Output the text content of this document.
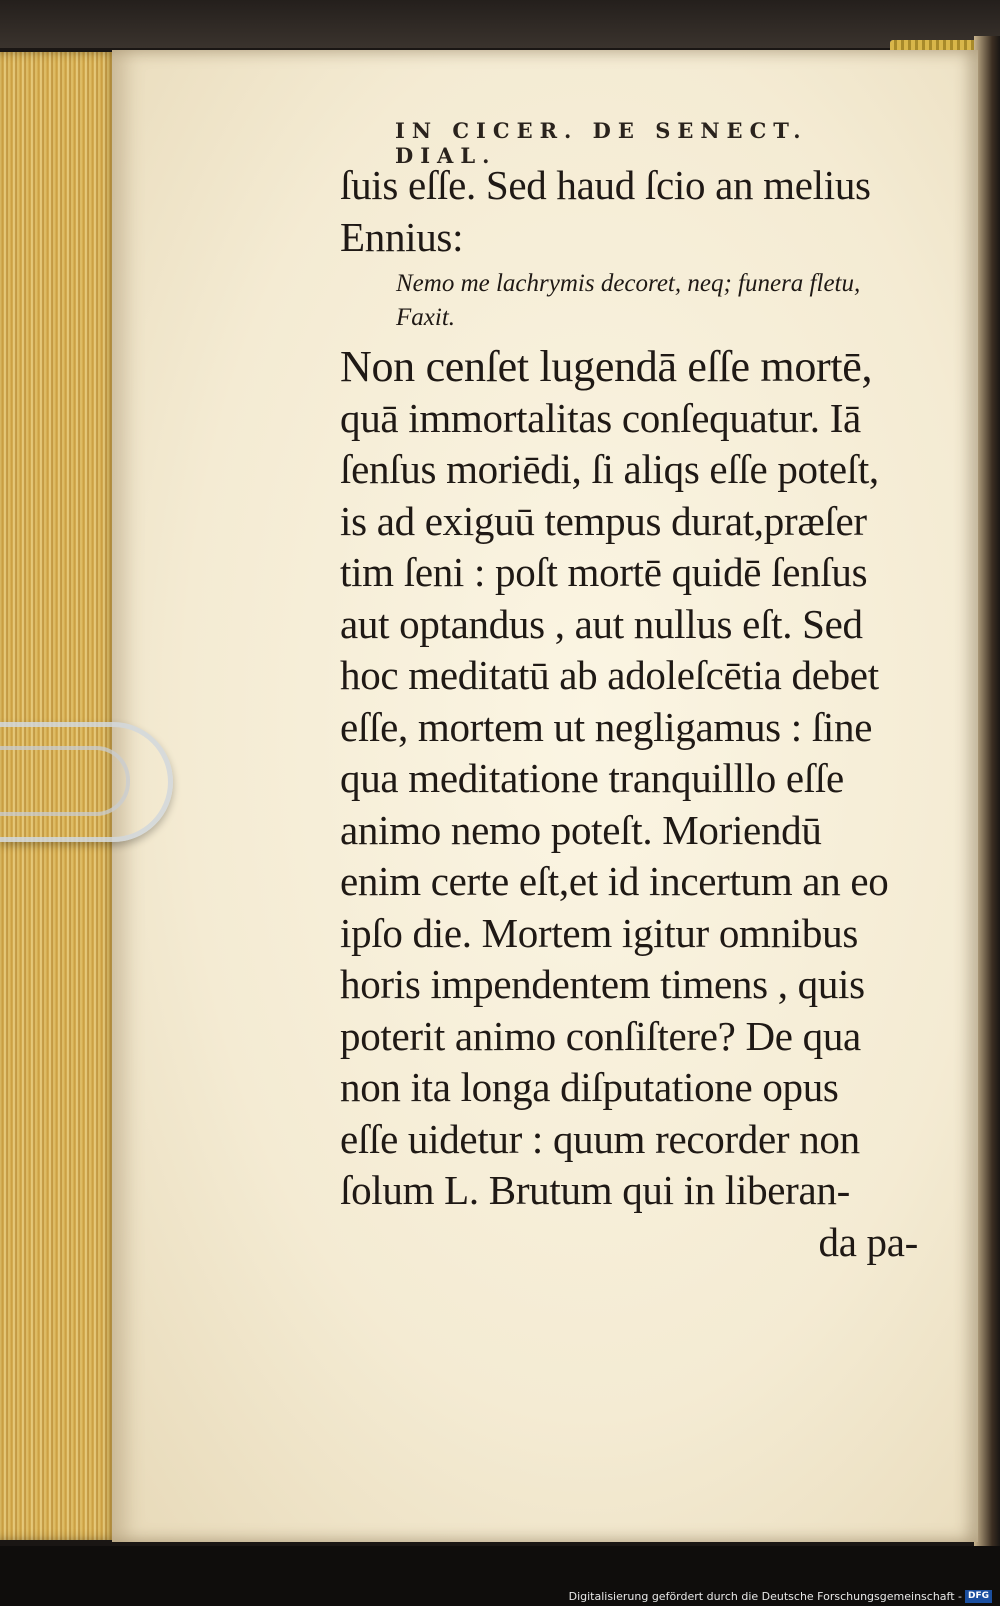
IN CICER. DE SENECT. DIAL.
ſuis eſſe. Sed haud ſcio an melius
Ennius:
Nemo me lachrymis decoret, neq; funera fletu,
Faxit.
Non cenſet lugendā eſſe mortē,
quā immortalitas conſequatur. Iā
ſenſus moriēdi, ſi aliqs eſſe poteſt,
is ad exiguū tempus durat,præſer
tim ſeni : poſt mortē quidē ſenſus
aut optandus , aut nullus eſt. Sed
hoc meditatū ab adoleſcētia debet
eſſe, mortem ut negligamus : ſine
qua meditatione tranquilllo eſſe
animo nemo poteſt. Moriendū
enim certe eſt,et id incertum an eo
ipſo die. Mortem igitur omnibus
horis impendentem timens , quis
poterit animo conſiſtere? De qua
non ita longa diſputatione opus
eſſe uidetur : quum recorder non
ſolum L. Brutum qui in liberan-
da pa-
Digitalisierung gefördert durch die Deutsche Forschungsgemeinschaft - DFG
